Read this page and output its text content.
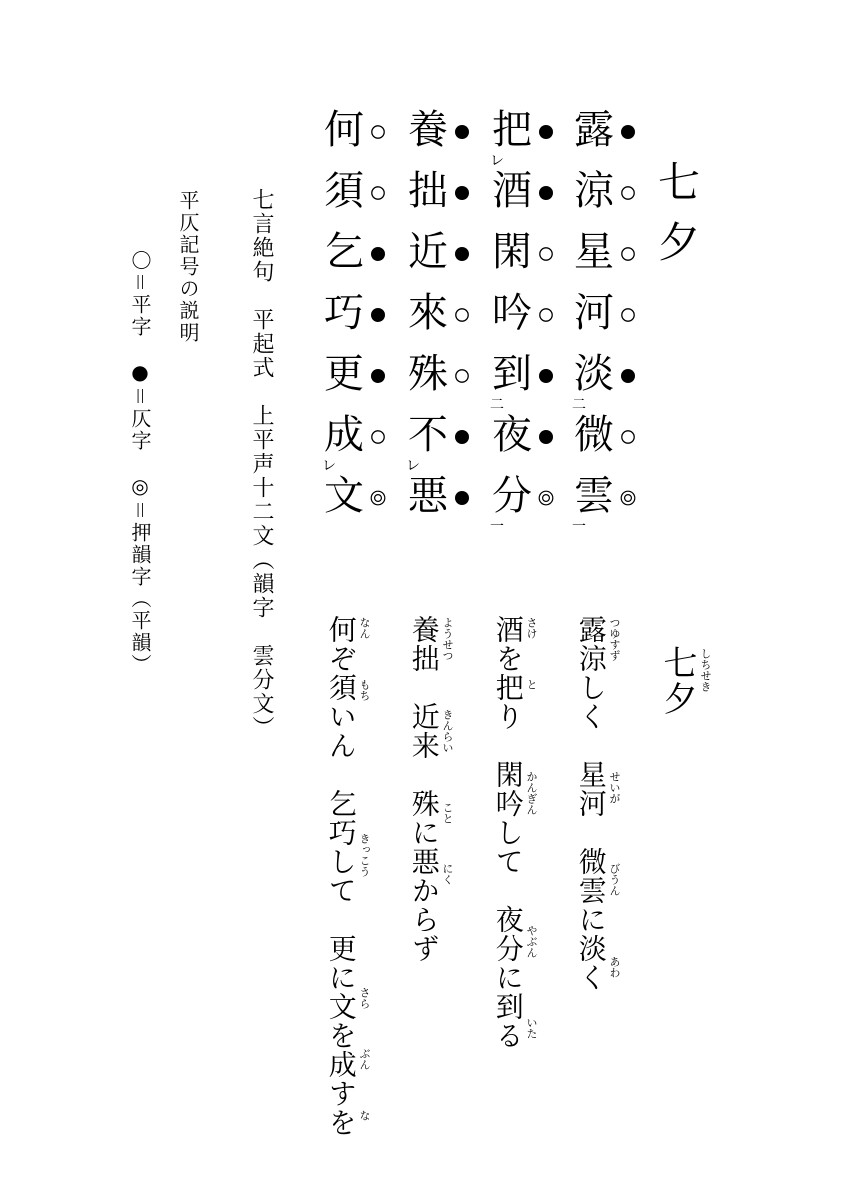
七夕
露
涼
星
河
淡
二
微
雲
一
把
レ
酒
閑
吟
到
二
夜
分
一
養
拙
近
來
殊
不
レ
悪
何
須
乞
巧
更
成
レ
文
七夕 しちせき
露涼しく　星河　微雲に淡く
酒を把り　閑吟して　夜分に到る
養拙　近来　殊に悪からず
何ぞ須いん　乞巧して　更に文を成すを	つゆすず
せいが
びうん
あわ
さけ
と
かんぎん
やぶん
いた
ようせつ
きんらい
こと
にく
なん
もち
きっこう
さら
ぶん
な
七言絶句　平起式　上平声十二文（韻字　雲分文）
平仄記号の説明
〇＝平字　●＝仄字　◎＝押韻字（平韻）
